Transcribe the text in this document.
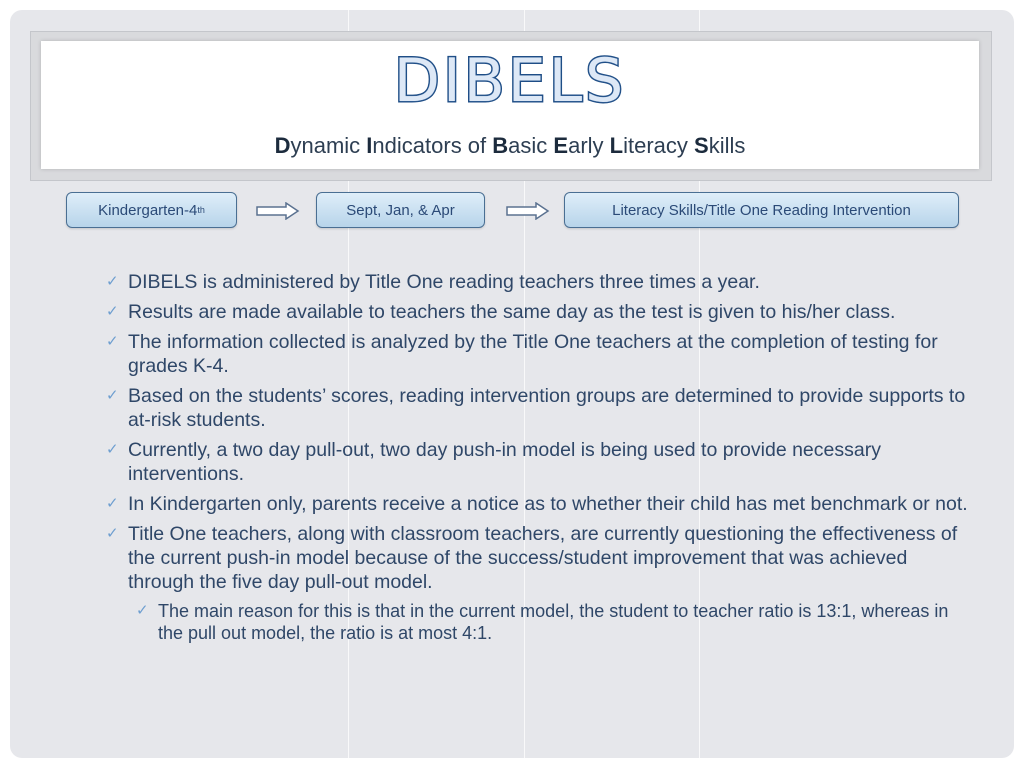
DIBELS
Dynamic Indicators of Basic Early Literacy Skills
Kindergarten-4 th	Sept, Jan, & Apr	Literacy Skills/Title One Reading Intervention
✓ DIBELS is administered by Title One reading teachers three times a year.
✓ Results are made available to teachers the same day as the test is given to his/her class.
✓ The information collected is analyzed by the Title One teachers at the completion of testing for grades K-4.
✓ Based on the students’ scores, reading intervention groups are determined to provide supports to at-risk students.
✓ Currently, a two day pull-out, two day push-in model is being used to provide necessary interventions.
✓ In Kindergarten only, parents receive a notice as to whether their child has met benchmark or not.
✓ Title One teachers, along with classroom teachers, are currently questioning the effectiveness of the current push-in model because of the success/student improvement that was achieved through the five day pull-out model.
✓ The main reason for this is that in the current model, the student to teacher ratio is 13:1, whereas in the pull out model, the ratio is at most 4:1.
